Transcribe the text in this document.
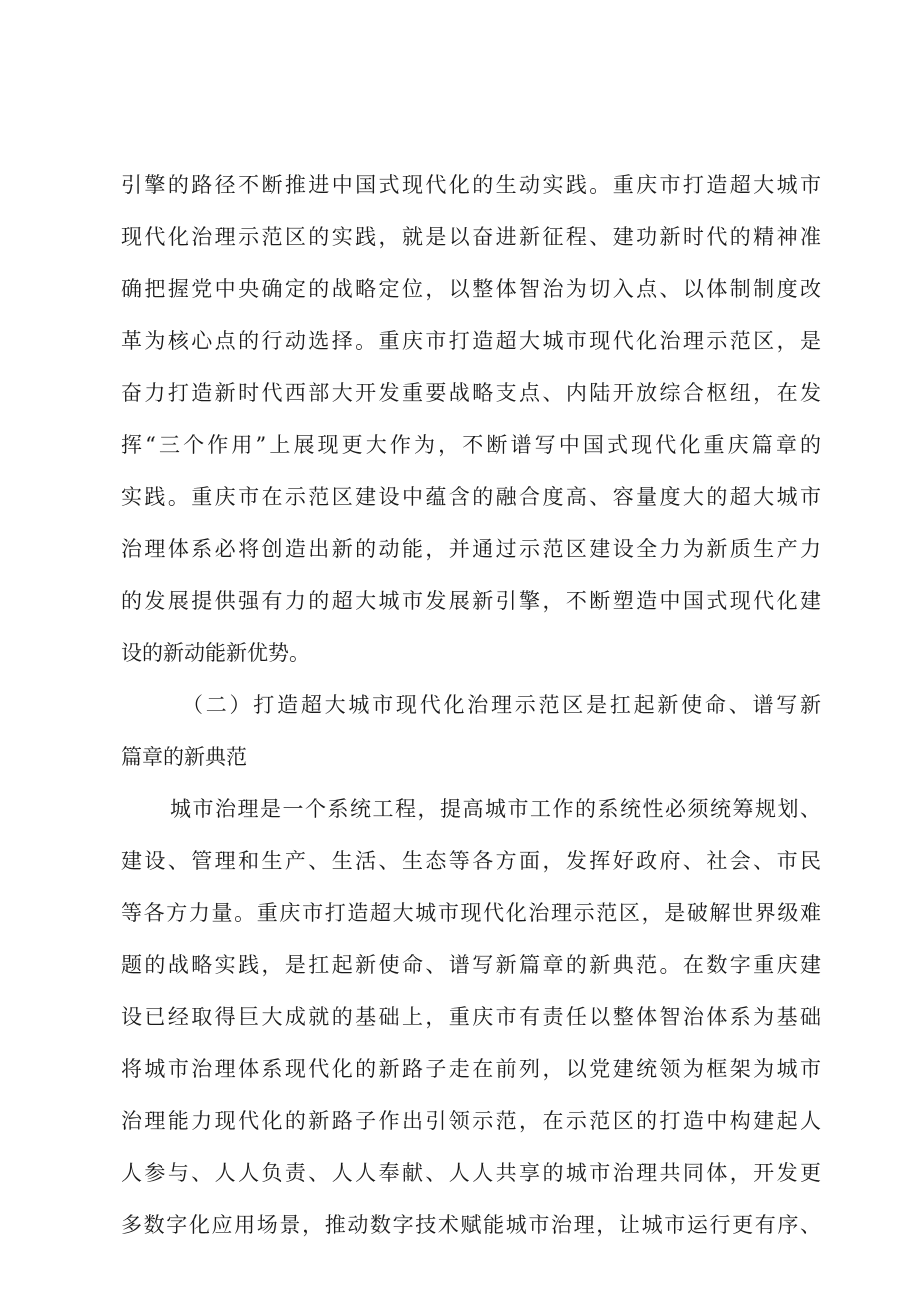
引擎的路径不断推进中国式现代化的生动实践。重庆市打造超大城市

现代化治理示范区的实践，就是以奋进新征程、建功新时代的精神准

确把握党中央确定的战略定位，以整体智治为切入点、以体制制度改

革为核心点的行动选择。重庆市打造超大城市现代化治理示范区，是

奋力打造新时代西部大开发重要战略支点、内陆开放综合枢纽，在发

挥“三个作用”上展现更大作为，不断谱写中国式现代化重庆篇章的

实践。重庆市在示范区建设中蕴含的融合度高、容量度大的超大城市

治理体系必将创造出新的动能，并通过示范区建设全力为新质生产力

的发展提供强有力的超大城市发展新引擎，不断塑造中国式现代化建

设的新动能新优势。

（二）打造超大城市现代化治理示范区是扛起新使命、谱写新

篇章的新典范

城市治理是一个系统工程，提高城市工作的系统性必须统筹规划、

建设、管理和生产、生活、生态等各方面，发挥好政府、社会、市民

等各方力量。重庆市打造超大城市现代化治理示范区，是破解世界级难

题的战略实践，是扛起新使命、谱写新篇章的新典范。在数字重庆建

设已经取得巨大成就的基础上，重庆市有责任以整体智治体系为基础

将城市治理体系现代化的新路子走在前列，以党建统领为框架为城市

治理能力现代化的新路子作出引领示范，在示范区的打造中构建起人

人参与、人人负责、人人奉献、人人共享的城市治理共同体，开发更

多数字化应用场景，推动数字技术赋能城市治理，让城市运行更有序、
